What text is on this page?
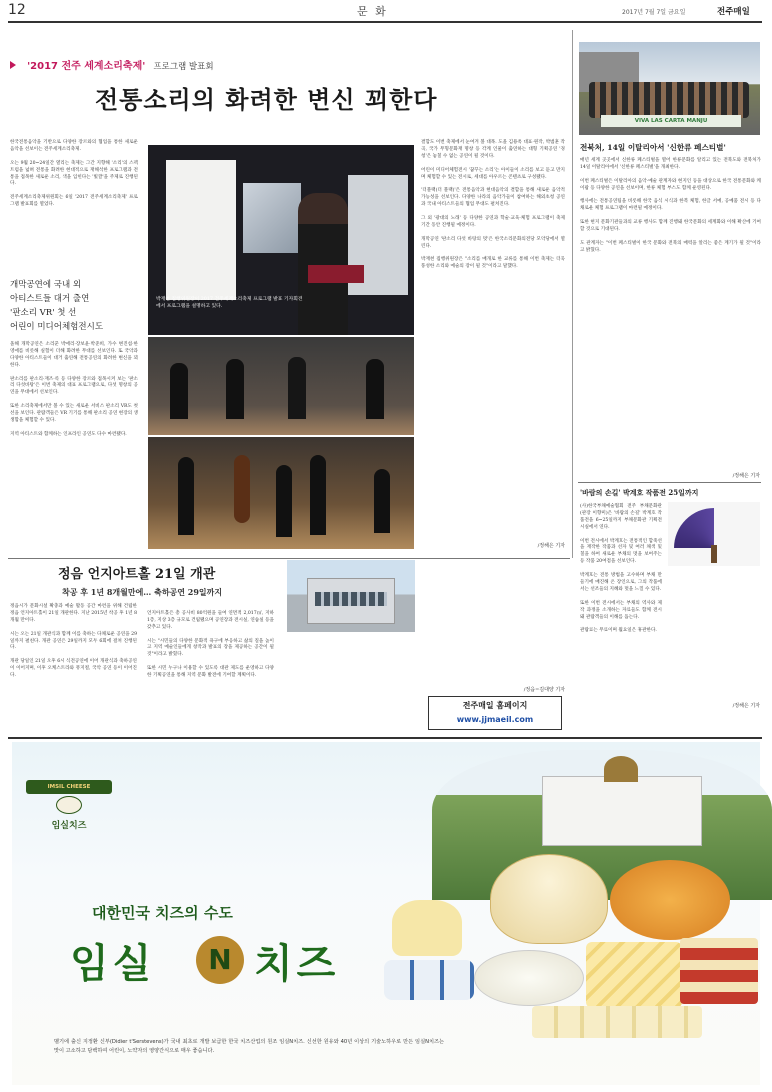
12	문 화	2017년 7월 7일 금요일	전주매일
'2017 전주 세계소리축제' 프로그램 발표회
전통소리의 화려한 변신 꾀한다
한국전통음악을 기반으로 다양한 장르와의 협업을 통한 새로운 음악을 선보이는 전주세계소리축제.

오는 9월 20~24일간 열리는 축제는 그간 지향해 '소리'의 스펙트럼을 넓혀 전통을 화려한 현대적으로 재해석한 프로그램과 전통을 접목한 새로운 소리, 색을 입힌다는 '빛깔'을 주제로 진행된다.

전주세계소리축제위원회는 6일 '2017 전주세계소리축제' 프로그램 발표회를 열었다.
개막공연에 국내 외
아티스트들 대거 출연
'판소리 VR' 첫 선
어린이 미디어체험전시도
올해 개막공연은 소리꾼 박애리·장보윤·박준희, 가수 변진섭·한영애를 비롯해 실험이 더해 화려한 무대를 선보인다. 또 국악과 다양한 아티스트들이 대거 출연해 전통공연의 화려한 변신을 꾀한다.

판소리를 판소리·재즈·록 등 다양한 장르와 접목시켜 보는 '판소리 다섯바탕'은 이번 축제의 대표 프로그램으로, 다섯 명창의 공연을 무대에서 선보인다.

또한 소리축제에서만 볼 수 있는 새로운 서비스 판소리 VR도 첫 선을 보인다. 관람객들은 VR 기기를 통해 판소리 공연 현장의 생생함을 체험할 수 있다.

지역 아티스트와 함께하는 인프라인 공연도 다수 마련됐다.
박재천 집행위원장이 2017 전주세계소리축제 프로그램 발표 기자회견에서 프로그램을 설명하고 있다.
결합도 이번 축제에서 눈여겨 볼 대목. 도올 김용옥 대표·원작, 박범훈 작곡, 국가 무형문화재 명창 등 각계 인물이 출연하는 대형 기획공연 '경청'은 놓칠 수 없는 공연이 될 것이다.

어린이 미디어체험전시 '꿈꾸는 소리'는 아이들이 소리를 보고 듣고 만지며 체험할 수 있는 전시로, 세대를 아우르는 콘텐츠로 구성됐다.

'더블랙(더 블랙)'은 전통음악과 현대음악의 결합을 통해 새로운 음악적 가능성을 선보인다. 다양한 나라의 음악가들이 참여하는 해외초청 공연과 국내 아티스트들의 협업 무대도 펼쳐진다.

그 외 '광대의 노래' 등 다양한 공연과 학술·교육·체험 프로그램이 축제 기간 동안 진행될 예정이다.

개막공연 '판소리 다섯 바탕의 멋'은 한국소리문화의전당 모악당에서 열린다.

박재천 집행위원장은 "소리를 매개로 한 교류를 통해 이번 축제는 더욱 풍성한 소리와 예술의 장이 될 것"이라고 말했다.
/정해은 기자
VIVA LAS CARTA MANJU
전북처, 14일 이탈리아서 '신한류 페스티벌'
매년 세계 곳곳에서 신한류 페스티벌을 열어 한류문화를 알리고 있는 전북도와 전북처가 14일 이탈리아에서 '신한류 페스티벌'을 개최한다.

이번 페스티벌은 이탈리아의 음악·예술 관계자와 현지인 등을 대상으로 한국 전통문화와 케이팝 등 다양한 공연을 선보이며, 한류 체험 부스도 함께 운영된다.

행사에는 전통공연팀을 비롯해 한국 음식 시식과 한복 체험, 한글 서예, 공예품 전시 등 다채로운 체험 프로그램이 마련될 예정이다.

또한 현지 문화기관들과의 교류 행사도 함께 진행돼 한국문화의 세계화와 이해 확산에 기여할 것으로 기대된다.

도 관계자는 "이번 페스티벌이 한국 문화와 전북의 매력을 알리는 좋은 계기가 될 것"이라고 밝혔다.
/정해은 기자
'바람의 손길' 박계호 작품전 25일까지
(사)한국부채예술협회 전주 부채문화관(관장 이향미)은 '바람의 손길' 박계호 작품전을 6~25일까지 부채문화관 기획전시실에서 연다.

이번 전시에서 박계호는 전통적인 합죽선을 재작한 작품과 선자 및 여러 채색 및 칠을 하여 새로운 부채의 멋을 보여주는 등 작품 20여점을 선보인다.

박계호는 전통 방법을 고수하며 부채 만들기에 매진해 온 장인으로, 그의 작품에서는 선조들의 지혜와 멋을 느낄 수 있다.

또한 이번 전시에서는 부채의 역사와 제작 과정을 소개하는 자료들도 함께 전시돼 관람객들의 이해를 돕는다.

관람료는 무료이며 월요일은 휴관한다.
/정해은 기자
정음 언지아트홀 21일 개관
착공 후 1년 8개월만에… 축하공연 29일까지
정읍시가 문화시설 확충과 예술 활동 공간 마련을 위해 건립한 정읍 언지아트홀이 21일 개관한다. 지난 2015년 착공 후 1년 8개월 만이다.

시는 오는 21일 개관식과 함께 이를 축하는 다채로운 공연을 29일까지 펼친다. 개관 공연은 29일까지 모두 6회에 걸쳐 진행된다.

개관 당일인 21일 오후 6시 식전공연에 이어 개관식과 축하공연이 이어지며, 이후 오케스트라와 뮤지컬, 국악 공연 등이 이어진다.

언지아트홀은 총 공사비 80억원을 들여 연면적 2,017㎡, 지하 1층, 지상 3층 규모로 건립됐으며 공연장과 전시실, 연습실 등을 갖추고 있다.

시는 "시민들의 다양한 문화적 욕구에 부응하고 삶의 질을 높이고 지역 예술인들에게 창작과 발표의 장을 제공하는 공간이 될 것"이라고 밝혔다.

또한 시민 누구나 이용할 수 있도록 대관 제도를 운영하고 다양한 기획공연을 통해 지역 문화 발전에 기여할 계획이다.
/정읍=김대양 기자
전주매일 홈페이지
www.jjmaeil.com
IMSIL CHEESE
임실치즈
대한민국 치즈의 수도
임실	N 치즈
벨기에 출신 지정환 신부(Didier t'Serstevens)가 국내 최초로 개발 보급한 한국 치즈산업의 원조 임실N치즈. 신선한 원유와 40년 이상의 기술노하우로 만든 임실N치즈는 맛이 고소하고 담백하여 어린이, 노약자의 영양간식으로 매우 좋습니다.
